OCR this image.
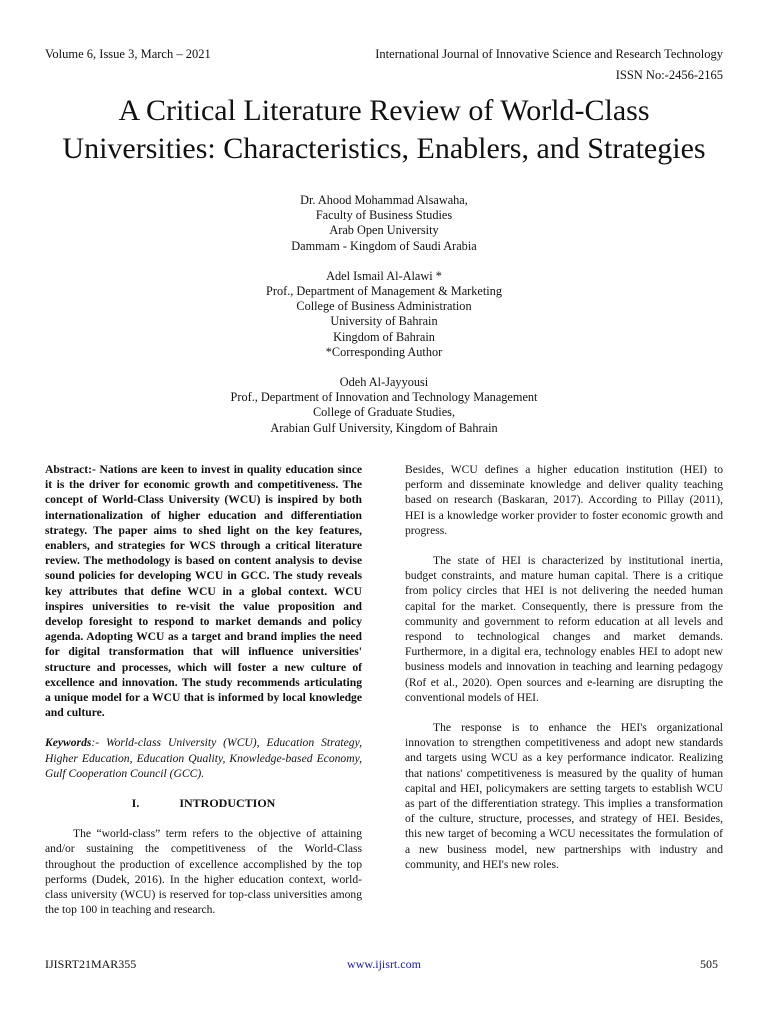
Volume 6, Issue 3, March – 2021	International Journal of Innovative Science and Research Technology
ISSN No:-2456-2165
A Critical Literature Review of World-Class
Universities: Characteristics, Enablers, and Strategies
Dr. Ahood Mohammad Alsawaha,
Faculty of Business Studies
Arab Open University
Dammam - Kingdom of Saudi Arabia
Adel Ismail Al-Alawi *
Prof., Department of Management & Marketing
College of Business Administration
University of Bahrain
Kingdom of Bahrain
*Corresponding Author
Odeh Al-Jayyousi
Prof., Department of Innovation and Technology Management
College of Graduate Studies,
Arabian Gulf University, Kingdom of Bahrain

Abstract:- Nations are keen to invest in quality education since it is the driver for economic growth and competitiveness. The concept of World-Class University (WCU) is inspired by both internationalization of higher education and differentiation strategy. The paper aims to shed light on the key features, enablers, and strategies for WCS through a critical literature review. The methodology is based on content analysis to devise sound policies for developing WCU in GCC. The study reveals key attributes that define WCU in a global context. WCU inspires universities to re-visit the value proposition and develop foresight to respond to market demands and policy agenda. Adopting WCU as a target and brand implies the need for digital transformation that will influence universities' structure and processes, which will foster a new culture of excellence and innovation. The study recommends articulating a unique model for a WCU that is informed by local knowledge and culture.

Keywords:- World-class University (WCU), Education Strategy, Higher Education, Education Quality, Knowledge-based Economy, Gulf Cooperation Council (GCC).

I.	INTRODUCTION

The “world-class” term refers to the objective of attaining and/or sustaining the competitiveness of the World-Class throughout the production of excellence accomplished by the top performs (Dudek, 2016). In the higher education context, world-class university (WCU) is reserved for top-class universities among the top 100 in teaching and research.

Besides, WCU defines a higher education institution (HEI) to perform and disseminate knowledge and deliver quality teaching based on research (Baskaran, 2017). According to Pillay (2011), HEI is a knowledge worker provider to foster economic growth and progress.

The state of HEI is characterized by institutional inertia, budget constraints, and mature human capital. There is a critique from policy circles that HEI is not delivering the needed human capital for the market. Consequently, there is pressure from the community and government to reform education at all levels and respond to technological changes and market demands. Furthermore, in a digital era, technology enables HEI to adopt new business models and innovation in teaching and learning pedagogy (Rof et al., 2020). Open sources and e-learning are disrupting the conventional models of HEI.

The response is to enhance the HEI's organizational innovation to strengthen competitiveness and adopt new standards and targets using WCU as a key performance indicator. Realizing that nations' competitiveness is measured by the quality of human capital and HEI, policymakers are setting targets to establish WCU as part of the differentiation strategy. This implies a transformation of the culture, structure, processes, and strategy of HEI. Besides, this new target of becoming a WCU necessitates the formulation of a new business model, new partnerships with industry and community, and HEI's new roles.

IJISRT21MAR355	www.ijisrt.com	505
